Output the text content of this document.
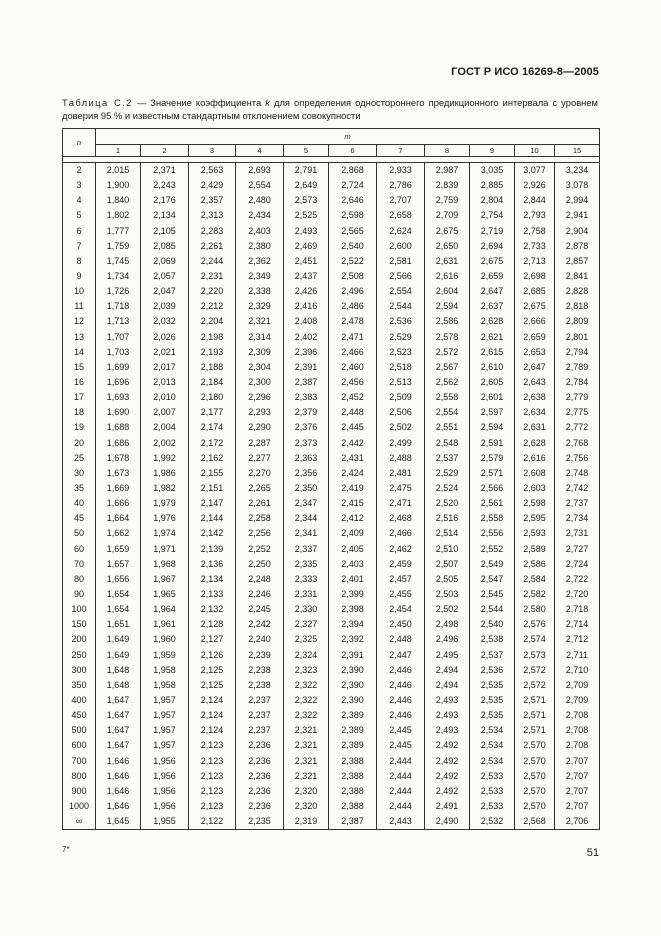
ГОСТ Р ИСО 16269-8—2005
Таблица С.2 — Значение коэффициента k для определения одностороннего предикционного интервала с уровнем доверия 95 % и известным стандартным отклонением совокупности
n	m										
	1	2	3	4	5	6	7	8	9	10	15

2	2,015	2,371	2,563	2,693	2,791	2,868	2,933	2,987	3,035	3,077	3,234
3	1,900	2,243	2,429	2,554	2,649	2,724	2,786	2,839	2,885	2,926	3,078
4	1,840	2,176	2,357	2,480	2,573	2,646	2,707	2,759	2,804	2,844	2,994
5	1,802	2,134	2,313	2,434	2,525	2,598	2,658	2,709	2,754	2,793	2,941
6	1,777	2,105	2,283	2,403	2,493	2,565	2,624	2,675	2,719	2,758	2,904
7	1,759	2,085	2,261	2,380	2,469	2,540	2,600	2,650	2,694	2,733	2,878
8	1,745	2,069	2,244	2,362	2,451	2,522	2,581	2,631	2,675	2,713	2,857
9	1,734	2,057	2,231	2,349	2,437	2,508	2,566	2,616	2,659	2,698	2,841
10	1,726	2,047	2,220	2,338	2,426	2,496	2,554	2,604	2,647	2,685	2,828
11	1,718	2,039	2,212	2,329	2,416	2,486	2,544	2,594	2,637	2,675	2,818
12	1,713	2,032	2,204	2,321	2,408	2,478	2,536	2,586	2,628	2,666	2,809
13	1,707	2,026	2,198	2,314	2,402	2,471	2,529	2,578	2,621	2,659	2,801
14	1,703	2,021	2,193	2,309	2,396	2,466	2,523	2,572	2,615	2,653	2,794
15	1,699	2,017	2,188	2,304	2,391	2,460	2,518	2,567	2,610	2,647	2,789
16	1,696	2,013	2,184	2,300	2,387	2,456	2,513	2,562	2,605	2,643	2,784
17	1,693	2,010	2,180	2,296	2,383	2,452	2,509	2,558	2,601	2,638	2,779
18	1,690	2,007	2,177	2,293	2,379	2,448	2,506	2,554	2,597	2,634	2,775
19	1,688	2,004	2,174	2,290	2,376	2,445	2,502	2,551	2,594	2,631	2,772
20	1,686	2,002	2,172	2,287	2,373	2,442	2,499	2,548	2,591	2,628	2,768
25	1,678	1,992	2,162	2,277	2,363	2,431	2,488	2,537	2,579	2,616	2,756
30	1,673	1,986	2,155	2,270	2,356	2,424	2,481	2,529	2,571	2,608	2,748
35	1,669	1,982	2,151	2,265	2,350	2,419	2,475	2,524	2,566	2,603	2,742
40	1,666	1,979	2,147	2,261	2,347	2,415	2,471	2,520	2,561	2,598	2,737
45	1,664	1,976	2,144	2,258	2,344	2,412	2,468	2,516	2,558	2,595	2,734
50	1,662	1,974	2,142	2,256	2,341	2,409	2,466	2,514	2,556	2,593	2,731
60	1,659	1,971	2,139	2,252	2,337	2,405	2,462	2,510	2,552	2,589	2,727
70	1,657	1,968	2,136	2,250	2,335	2,403	2,459	2,507	2,549	2,586	2,724
80	1,656	1,967	2,134	2,248	2,333	2,401	2,457	2,505	2,547	2,584	2,722
90	1,654	1,965	2,133	2,246	2,331	2,399	2,455	2,503	2,545	2,582	2,720
100	1,654	1,964	2,132	2,245	2,330	2,398	2,454	2,502	2,544	2,580	2,718
150	1,651	1,961	2,128	2,242	2,327	2,394	2,450	2,498	2,540	2,576	2,714
200	1,649	1,960	2,127	2,240	2,325	2,392	2,448	2,496	2,538	2,574	2,712
250	1,649	1,959	2,126	2,239	2,324	2,391	2,447	2,495	2,537	2,573	2,711
300	1,648	1,958	2,125	2,238	2,323	2,390	2,446	2,494	2,536	2,572	2,710
350	1,648	1,958	2,125	2,238	2,322	2,390	2,446	2,494	2,535	2,572	2,709
400	1,647	1,957	2,124	2,237	2,322	2,390	2,446	2,493	2,535	2,571	2,709
450	1,647	1,957	2,124	2,237	2,322	2,389	2,446	2,493	2,535	2,571	2,708
500	1,647	1,957	2,124	2,237	2,321	2,389	2,445	2,493	2,534	2,571	2,708
600	1,647	1,957	2,123	2,236	2,321	2,389	2,445	2,492	2,534	2,570	2,708
700	1,646	1,956	2,123	2,236	2,321	2,388	2,444	2,492	2,534	2,570	2,707
800	1,646	1,956	2,123	2,236	2,321	2,388	2,444	2,492	2,533	2,570	2,707
900	1,646	1,956	2,123	2,236	2,320	2,388	2,444	2,492	2,533	2,570	2,707
1000	1,646	1,956	2,123	2,236	2,320	2,388	2,444	2,491	2,533	2,570	2,707
∞	1,645	1,955	2,122	2,235	2,319	2,387	2,443	2,490	2,532	2,568	2,706
7*	51
